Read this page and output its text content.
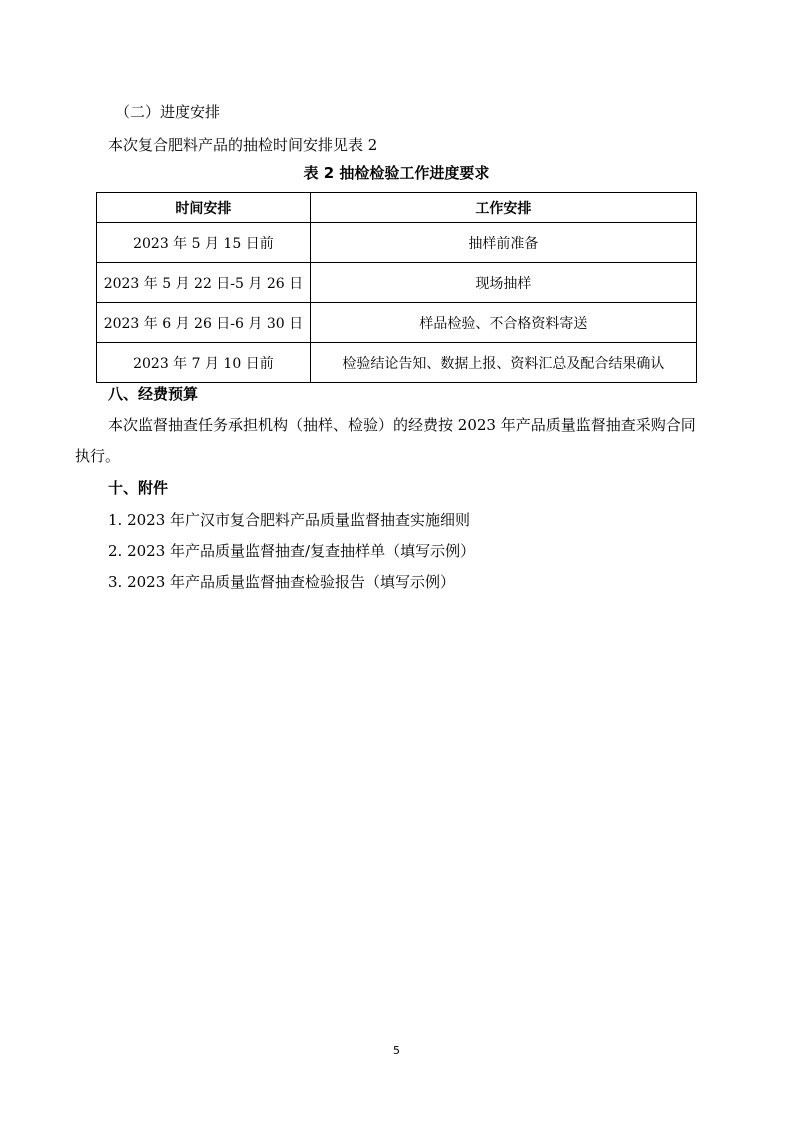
（二）进度安排
本次复合肥料产品的抽检时间安排见表 2
表 2 抽检检验工作进度要求
时间安排	工作安排
2023 年 5 月 15 日前	抽样前准备
2023 年 5 月 22 日-5 月 26 日	现场抽样
2023 年 6 月 26 日-6 月 30 日	样品检验、不合格资料寄送
2023 年 7 月 10 日前	检验结论告知、数据上报、资料汇总及配合结果确认
八、经费预算
本次监督抽查任务承担机构（抽样、检验）的经费按 2023 年产品质量监督抽查采购合同
执行。
十、附件
1. 2023 年广汉市复合肥料产品质量监督抽查实施细则
2. 2023 年产品质量监督抽查/复查抽样单（填写示例）
3. 2023 年产品质量监督抽查检验报告（填写示例）
5
